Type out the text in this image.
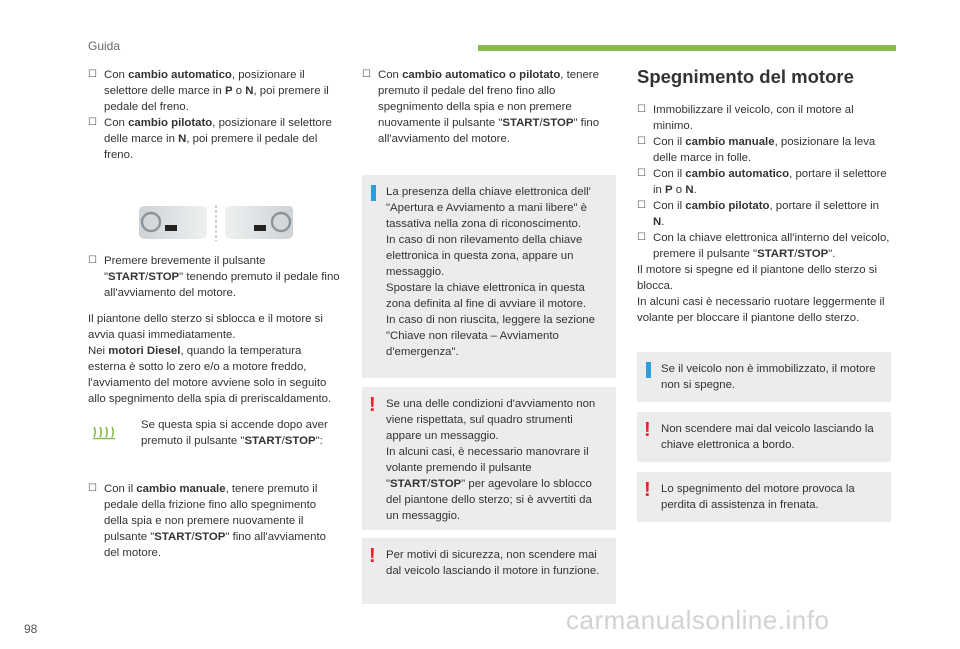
Guida
☐ Con cambio automatico, posizionare il selettore delle marce in P o N, poi premere il pedale del freno.
☐ Con cambio pilotato, posizionare il selettore delle marce in N, poi premere il pedale del freno.
☐ Premere brevemente il pulsante "START/STOP" tenendo premuto il pedale fino all'avviamento del motore.

Il piantone dello sterzo si sblocca e il motore si avvia quasi immediatamente.

Nei motori Diesel, quando la temperatura esterna è sotto lo zero e/o a motore freddo, l'avviamento del motore avviene solo in seguito allo spegnimento della spia di preriscaldamento.

Se questa spia si accende dopo aver premuto il pulsante "START/STOP":
☐ Con il cambio manuale, tenere premuto il pedale della frizione fino allo spegnimento della spia e non premere nuovamente il pulsante "START/STOP" fino all'avviamento del motore.
☐ Con cambio automatico o pilotato, tenere premuto il pedale del freno fino allo spegnimento della spia e non premere nuovamente il pulsante "START/STOP" fino all'avviamento del motore.

La presenza della chiave elettronica dell' "Apertura e Avviamento a mani libere" è tassativa nella zona di riconoscimento.

In caso di non rilevamento della chiave elettronica in questa zona, appare un messaggio.

Spostare la chiave elettronica in questa zona definita al fine di avviare il motore.

In caso di non riuscita, leggere la sezione "Chiave non rilevata – Avviamento d'emergenza".

! Se una delle condizioni d'avviamento non viene rispettata, sul quadro strumenti appare un messaggio.

In alcuni casi, è necessario manovrare il volante premendo il pulsante "START/STOP" per agevolare lo sblocco del piantone dello sterzo; si è avvertiti da un messaggio.

! Per motivi di sicurezza, non scendere mai dal veicolo lasciando il motore in funzione.

Spegnimento del motore
☐ Immobilizzare il veicolo, con il motore al minimo.
☐ Con il cambio manuale, posizionare la leva delle marce in folle.
☐ Con il cambio automatico, portare il selettore in P o N.
☐ Con il cambio pilotato, portare il selettore in N.
☐ Con la chiave elettronica all'interno del veicolo, premere il pulsante "START/STOP".

Il motore si spegne ed il piantone dello sterzo si blocca.

In alcuni casi è necessario ruotare leggermente il volante per bloccare il piantone dello sterzo.

Se il veicolo non è immobilizzato, il motore non si spegne.

! Non scendere mai dal veicolo lasciando la chiave elettronica a bordo.

! Lo spegnimento del motore provoca la perdita di assistenza in frenata.

98	carmanualsonline.info
